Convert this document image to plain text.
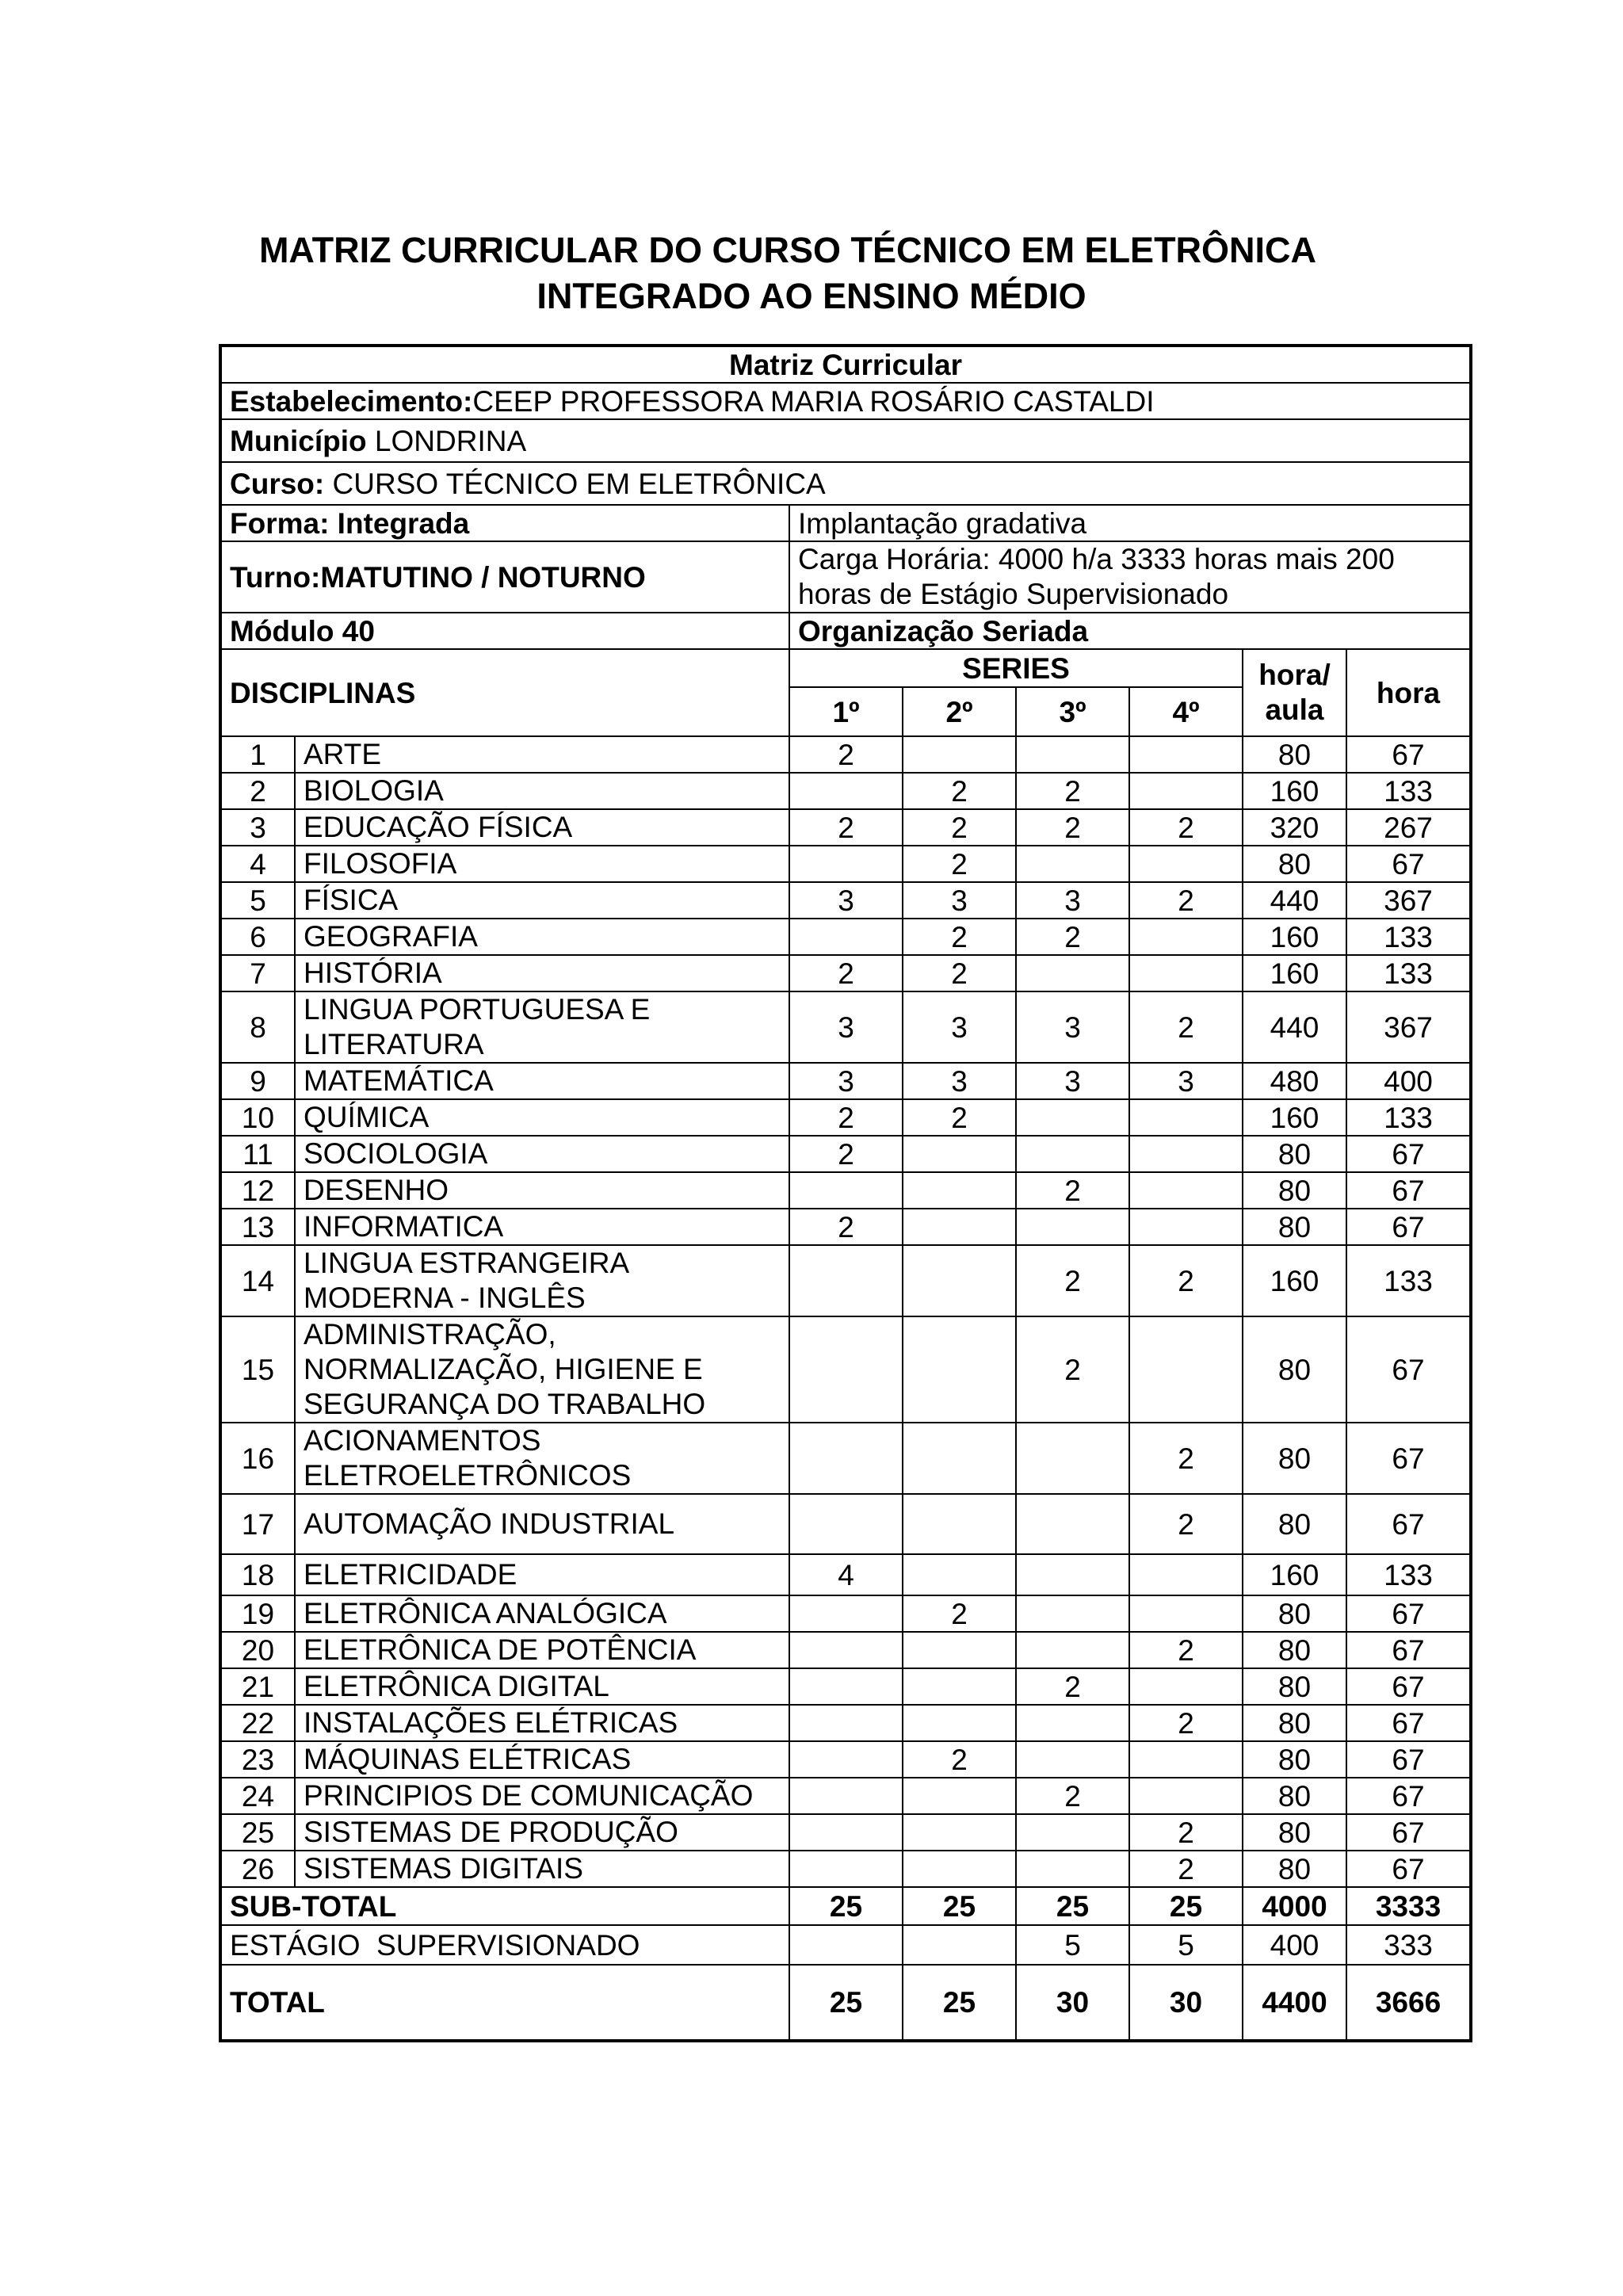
MATRIZ CURRICULAR DO CURSO TÉCNICO EM ELETRÔNICA
INTEGRADO AO ENSINO MÉDIO
Matriz Curricular							
Estabelecimento:CEEP PROFESSORA MARIA ROSÁRIO CASTALDI							
Município LONDRINA							
Curso: CURSO TÉCNICO EM ELETRÔNICA							
Forma: Integrada		Implantação gradativa					
Turno:MATUTINO / NOTURNO		Carga Horária: 4000 h/a 3333 horas mais 200 horas de Estágio Supervisionado					
Módulo 40		Organização Seriada					
DISCIPLINAS		SERIES				hora/ aula	hora
		1º	2º	3º	4º		
1	ARTE	2				80	67
2	BIOLOGIA		2	2		160	133
3	EDUCAÇÃO FÍSICA	2	2	2	2	320	267
4	FILOSOFIA		2			80	67
5	FÍSICA	3	3	3	2	440	367
6	GEOGRAFIA		2	2		160	133
7	HISTÓRIA	2	2			160	133
8	LINGUA PORTUGUESA E LITERATURA	3	3	3	2	440	367
9	MATEMÁTICA	3	3	3	3	480	400
10	QUÍMICA	2	2			160	133
11	SOCIOLOGIA	2				80	67
12	DESENHO			2		80	67
13	INFORMATICA	2				80	67
14	LINGUA ESTRANGEIRA MODERNA - INGLÊS			2	2	160	133
15	ADMINISTRAÇÃO, NORMALIZAÇÃO, HIGIENE E SEGURANÇA DO TRABALHO			2		80	67
16	ACIONAMENTOS ELETROELETRÔNICOS				2	80	67
17	AUTOMAÇÃO INDUSTRIAL				2	80	67
18	ELETRICIDADE	4				160	133
19	ELETRÔNICA ANALÓGICA		2			80	67
20	ELETRÔNICA DE POTÊNCIA				2	80	67
21	ELETRÔNICA DIGITAL			2		80	67
22	INSTALAÇÕES ELÉTRICAS				2	80	67
23	MÁQUINAS ELÉTRICAS		2			80	67
24	PRINCIPIOS DE COMUNICAÇÃO			2		80	67
25	SISTEMAS DE PRODUÇÃO				2	80	67
26	SISTEMAS DIGITAIS				2	80	67
SUB-TOTAL		25	25	25	25	4000	3333
ESTÁGIO  SUPERVISIONADO				5	5	400	333
TOTAL		25	25	30	30	4400	3666
